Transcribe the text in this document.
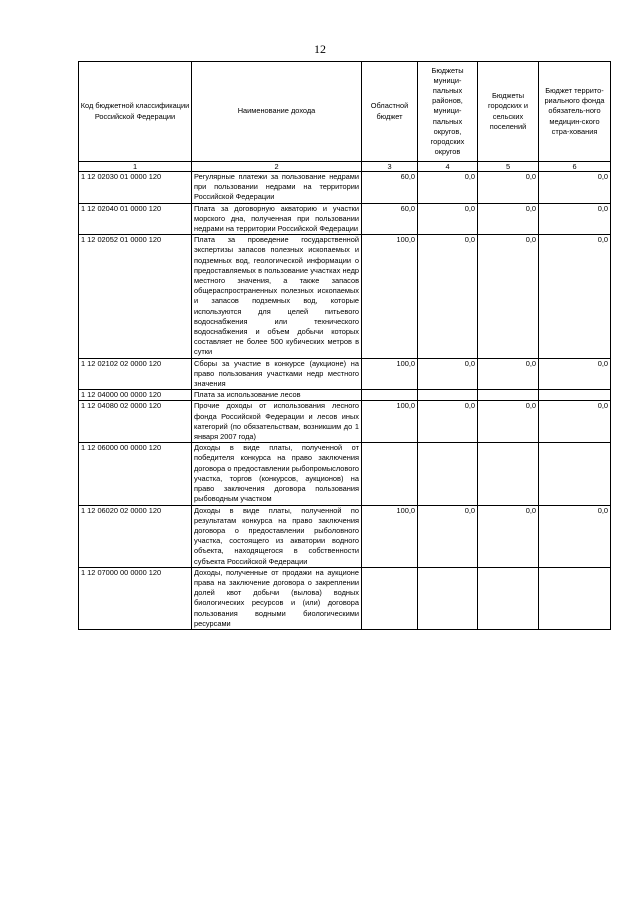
12
Код бюджетной классификации Российской Федерации	Наименование дохода	Областной бюджет	Бюджеты муници-пальных районов, муници-пальных округов, городских округов	Бюджеты городских и сельских поселений	Бюджет террито-риального фонда обязатель-ного медицин-ского стра-хования
1	2	3	4	5	6
1 12 02030 01 0000 120	Регулярные платежи за пользование недрами при пользовании недрами на территории Российской Федерации	60,0	0,0	0,0	0,0
1 12 02040 01 0000 120	Плата за договорную акваторию и участки морского дна, полученная при пользовании недрами на территории Российской Федерации	60,0	0,0	0,0	0,0
1 12 02052 01 0000 120	Плата за проведение государственной экспертизы запасов полезных ископаемых и подземных вод, геологической информации о предоставляемых в пользование участках недр местного значения, а также запасов общераспространенных полезных ископаемых и запасов подземных вод, которые используются для целей питьевого водоснабжения или технического водоснабжения и объем добычи которых составляет не более 500 кубических метров в сутки	100,0	0,0	0,0	0,0
1 12 02102 02 0000 120	Сборы за участие в конкурсе (аукционе) на право пользования участками недр местного значения	100,0	0,0	0,0	0,0
1 12 04000 00 0000 120	Плата за использование лесов				
1 12 04080 02 0000 120	Прочие доходы от использования лесного фонда Российской Федерации и лесов иных категорий (по обязательствам, возникшим до 1 января 2007 года)	100,0	0,0	0,0	0,0
1 12 06000 00 0000 120	Доходы в виде платы, полученной от победителя конкурса на право заключения договора о предоставлении рыбопромыслового участка, торгов (конкурсов, аукционов) на право заключения договора пользования рыбоводным участком				
1 12 06020 02 0000 120	Доходы в виде платы, полученной по результатам конкурса на право заключения договора о предоставлении рыболовного участка, состоящего из акватории водного объекта, находящегося в собственности субъекта Российской Федерации	100,0	0,0	0,0	0,0
1 12 07000 00 0000 120	Доходы, полученные от продажи на аукционе права на заключение договора о закреплении долей квот добычи (вылова) водных биологических ресурсов и (или) договора пользования водными биологическими ресурсами				
